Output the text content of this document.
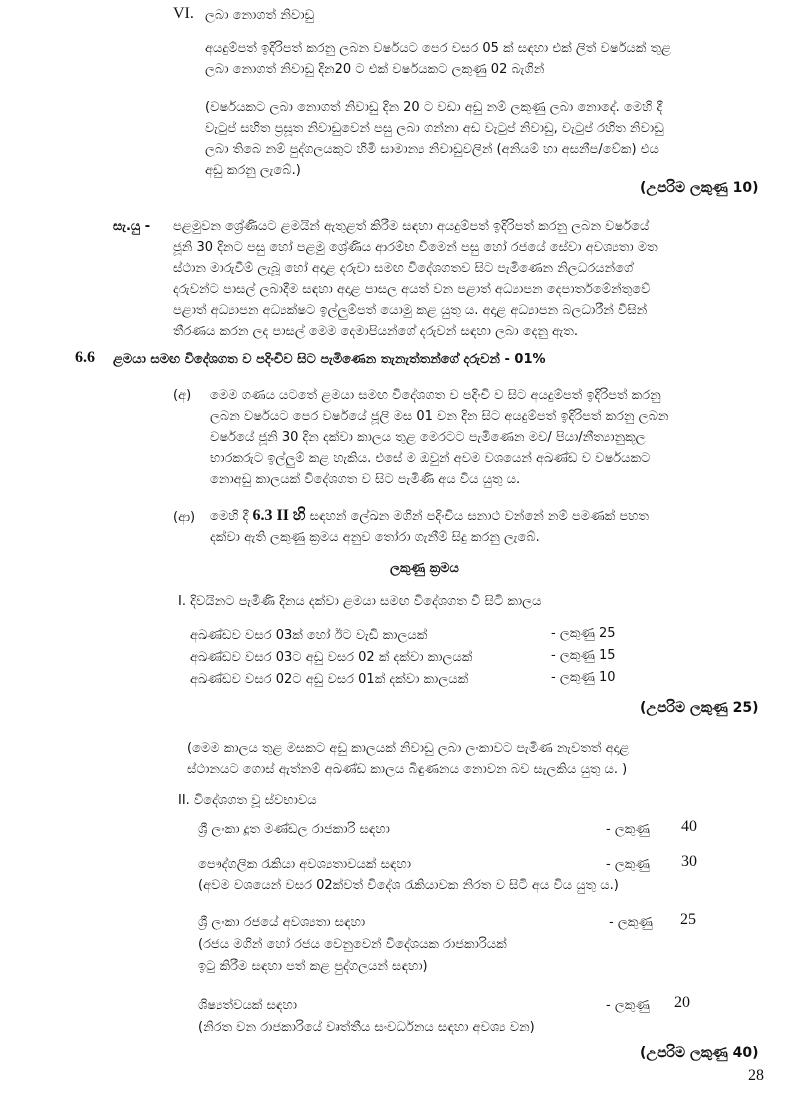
VI. ලබා නොගත් නිවාඩු
අයදුම්පත් ඉදිරිපත් කරනු ලබන වර්ෂයට පෙර වසර 05 ක් සඳහා එක් ලිත් වර්ෂයක් තුළ
ලබා නොගත් නිවාඩු දින20 ට එක් වර්ෂයකට ලකුණු 02 බැගින්
(වර්ෂයකට ලබා නොගත් නිවාඩු දින 20 ට වඩා අඩු නම් ලකුණු ලබා නොදේ. මෙහි දී
වැටුප් සහිත ප්‍රසූත නිවාඩුවෙන් පසු ලබා ගන්නා අඩ වැටුප් නිවාඩු, වැටුප් රහිත නිවාඩු
ලබා තිබෙ නම් පුද්ගලයකුට හිමි සාමාන්‍ය නිවාඩුවලින් (අනියම් හා අසනීප/වේක) එය
අඩු කරනු ලැබේ.)
(උපරිම ලකුණු 10)
සැ.යු - පළමුවන ශ්‍රේණියට ළමයින් ඇතුළත් කිරීම සඳහා අයදුම්පත් ඉදිරිපත් කරනු ලබන වර්ෂයේ
ජූනි 30 දිනට පසු හෝ පළමු ශ්‍රේණිය ආරම්භ වීමෙන් පසු හෝ රජයේ සේවා අවශ්‍යතා මත
ස්ථාන මාරුවීම් ලැබූ හෝ අදාළ දරුවා සමඟ විදේශගතව සිට පැමිණෙන නිලධරයන්ගේ
දරුවන්ට පාසල් ලබාදීම සඳහා අදාළ පාසල අයත් වන පළාත් අධ්‍යාපන දෙපාර්තමේන්තුවේ
පළාත් අධ්‍යාපන අධ්‍යක්ෂට ඉල්ලුම්පත් යොමු කළ යුතු ය. අදාළ අධ්‍යාපන බලධාරීන් විසින්
තීරණය කරන ලද පාසල් මෙම දෙමාපියන්ගේ දරුවන් සඳහා ලබා දෙනු ඇත.
6.6 ළමයා සමඟ විදේශගත ව පදිංචිව සිට පැමිණෙන තැනැත්තන්ගේ දරුවන් - 01%
(අ) මෙම ගණය යටතේ ළමයා සමඟ විදේශගත ව පදිංචි ව සිට අයදුම්පත් ඉදිරිපත් කරනු
ලබන වර්ෂයට පෙර වර්ෂයේ ජූලි මස 01 වන දින සිට අයදුම්පත් ඉදිරිපත් කරනු ලබන
වර්ෂයේ ජූනි 30 දින දක්වා කාලය තුළ මෙරටට පැමිණෙන මව/ පියා/නීත්‍යානුකූල
භාරකරුට ඉල්ලුම් කළ හැකිය. එසේ ම ඔවුන් අවම වශයෙන් අඛණ්ඩ ව වර්ෂයකට
නොඅඩු කාලයක් විදේශගත ව සිට පැමිණි අය විය යුතු ය.
(ආ) මෙහි දී 6.3 II හි සඳහන් ලේඛන මගින් පදිංචිය සනාථ වන්නේ නම් පමණක් පහත
දක්වා ඇති ලකුණු ක්‍රමය අනුව තෝරා ගැනීම් සිදු කරනු ලැබේ.
ලකුණු ක්‍රමය
I. දිවයිනට පැමිණි දිනය දක්වා ළමයා සමඟ විදේශගත වී සිටි කාලය
අඛණ්ඩව වසර 03ක් හෝ ඊට වැඩි කාලයක්	- ලකුණු 25
අඛණ්ඩව වසර 03ට අඩු වසර 02 ක් දක්වා කාලයක්	- ලකුණු 15
අඛණ්ඩව වසර 02ට අඩු වසර 01ක් දක්වා කාලයක්	- ලකුණු 10
(උපරිම ලකුණු 25)
(මෙම කාලය තුළ මසකට අඩු කාලයක් නිවාඩු ලබා ලංකාවට පැමිණ නැවතත් අදාළ
ස්ථානයට ගොස් ඇත්නම් අඛණ්ඩ කාලය බිඳුණනය නොවන බව සැලකිය යුතු ය. )
II. විදේශගත වූ ස්වභාවය
ශ්‍රී ලංකා දූත මණ්ඩල රාජකාරි සඳහා	- ලකුණු 40
පෞද්ගලික රැකියා අවශ්‍යතාවයක් සඳහා	- ලකුණු 30
(අවම වශයෙන් වසර 02ක්වත් විදේශ රැකියාවක නිරත ව සිටි අය විය යුතු ය.)
ශ්‍රී ලංකා රජයේ අවශ්‍යතා සඳහා	- ලකුණු 25
(රජය මගින් හෝ රජය වෙනුවෙන් විදේශයක රාජකාරියක්
ඉටු කිරීම සඳහා පත් කළ පුද්ගලයන් සඳහා)
ශිෂ්‍යත්වයක් සඳහා	- ලකුණු 20
(නිරත වන රාජකාරියේ වෘත්තීය සංවර්ධනය සඳහා අවශ්‍ය වන)
(උපරිම ලකුණු 40)
28
